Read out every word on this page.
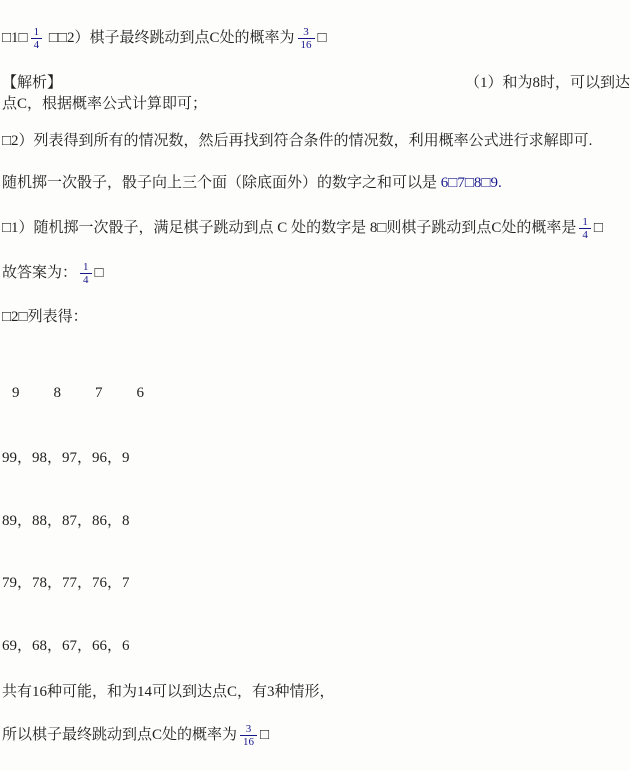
□1□ $\frac{1}{4}$ □□2）棋子最终跳动到点C处的概率为 $\frac{3}{16}$ □
【解析】	（1）和为8时，可以到达
点C，根据概率公式计算即可；
□2）列表得到所有的情况数，然后再找到符合条件的情况数，利用概率公式进行求解即可.
随机掷一次骰子，骰子向上三个面（除底面外）的数字之和可以是 6□7□8□9.
□1）随机掷一次骰子，满足棋子跳动到点 C 处的数字是 8□则棋子跳动到点C处的概率是 $\frac{1}{4}$ □
故答案为： $\frac{1}{4}$ □
□2□列表得：
9 8 7 6
99，98，97，96，9
89，88，87，86，8
79，78，77，76，7
69，68，67，66，6
共有16种可能，和为14可以到达点C，有3种情形，
所以棋子最终跳动到点C处的概率为 $\frac{3}{16}$ □
